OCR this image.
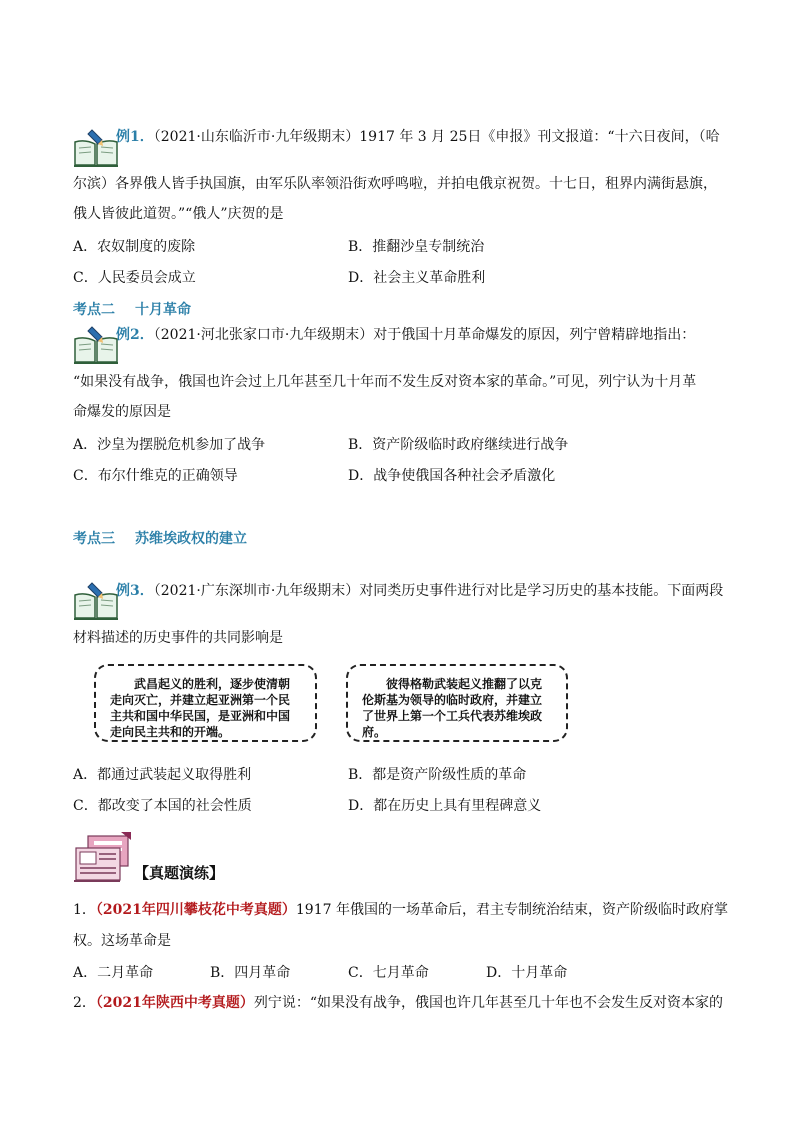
例1．（2021·山东临沂市·九年级期末）1917 年 3 月 25日《申报》刊文报道：“十六日夜间，（哈
尔滨）各界俄人皆手执国旗，由军乐队率领沿街欢呼鸣啦，并拍电俄京祝贺。十七日，租界内满街悬旗，
俄人皆彼此道贺。”“俄人”庆贺的是
A．农奴制度的废除	B．推翻沙皇专制统治
C．人民委员会成立	D．社会主义革命胜利
考点二 十月革命
例2．（2021·河北张家口市·九年级期末）对于俄国十月革命爆发的原因，列宁曾精辟地指出：
“如果没有战争，俄国也许会过上几年甚至几十年而不发生反对资本家的革命。”可见，列宁认为十月革
命爆发的原因是
A．沙皇为摆脱危机参加了战争	B．资产阶级临时政府继续进行战争
C．布尔什维克的正确领导	D．战争使俄国各种社会矛盾激化
考点三 苏维埃政权的建立
例3．（2021·广东深圳市·九年级期末）对同类历史事件进行对比是学习历史的基本技能。下面两段
材料描述的历史事件的共同影响是
武昌起义的胜利，逐步使清朝走向灭亡，并建立起亚洲第一个民主共和国中华民国，是亚洲和中国走向民主共和的开端。
彼得格勒武装起义推翻了以克伦斯基为领导的临时政府，并建立了世界上第一个工兵代表苏维埃政府。
A．都通过武装起义取得胜利	B．都是资产阶级性质的革命
C．都改变了本国的社会性质	D．都在历史上具有里程碑意义
【真题演练】
1．（2021年四川攀枝花中考真题）1917 年俄国的一场革命后，君主专制统治结束，资产阶级临时政府掌
权。这场革命是
A．二月革命	B．四月革命	C．七月革命	D．十月革命
2．（2021年陕西中考真题）列宁说：“如果没有战争，俄国也许几年甚至几十年也不会发生反对资本家的
